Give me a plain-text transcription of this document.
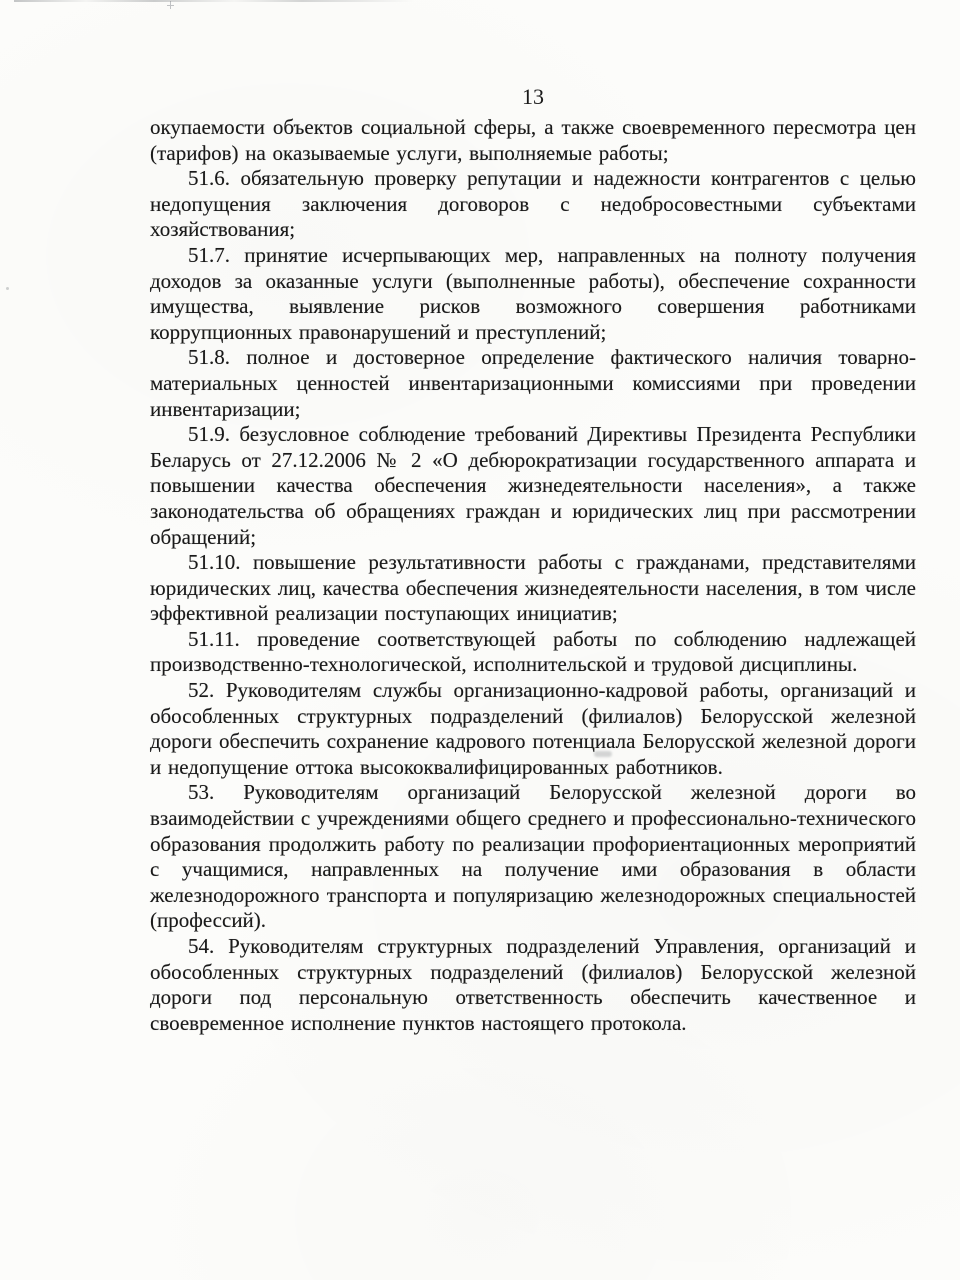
13

окупаемости объектов социальной сферы, а также своевременного пересмотра цен (тарифов) на оказываемые услуги, выполняемые работы;

51.6. обязательную проверку репутации и надежности контрагентов с целью недопущения заключения договоров с недобросовестными субъектами хозяйствования;

51.7. принятие исчерпывающих мер, направленных на полноту получения доходов за оказанные услуги (выполненные работы), обеспечение сохранности имущества, выявление рисков возможного совершения работниками коррупционных правонарушений и преступлений;

51.8. полное и достоверное определение фактического наличия товарно-материальных ценностей инвентаризационными комиссиями при проведении инвентаризации;

51.9. безусловное соблюдение требований Директивы Президента Республики Беларусь от 27.12.2006 № 2 «О дебюрократизации государственного аппарата и повышении качества обеспечения жизнедеятельности населения», а также законодательства об обращениях граждан и юридических лиц при рассмотрении обращений;

51.10. повышение результативности работы с гражданами, представителями юридических лиц, качества обеспечения жизнедеятельности населения, в том числе эффективной реализации поступающих инициатив;

51.11. проведение соответствующей работы по соблюдению надлежащей производственно-технологической, исполнительской и трудовой дисциплины.

52. Руководителям службы организационно-кадровой работы, организаций и обособленных структурных подразделений (филиалов) Белорусской железной дороги обеспечить сохранение кадрового потенциала Белорусской железной дороги и недопущение оттока высококвалифицированных работников.

53. Руководителям организаций Белорусской железной дороги во взаимодействии с учреждениями общего среднего и профессионально-технического образования продолжить работу по реализации профориентационных мероприятий с учащимися, направленных на получение ими образования в области железнодорожного транспорта и популяризацию железнодорожных специальностей (профессий).

54. Руководителям структурных подразделений Управления, организаций и обособленных структурных подразделений (филиалов) Белорусской железной дороги под персональную ответственность обеспечить качественное и своевременное исполнение пунктов настоящего протокола.
